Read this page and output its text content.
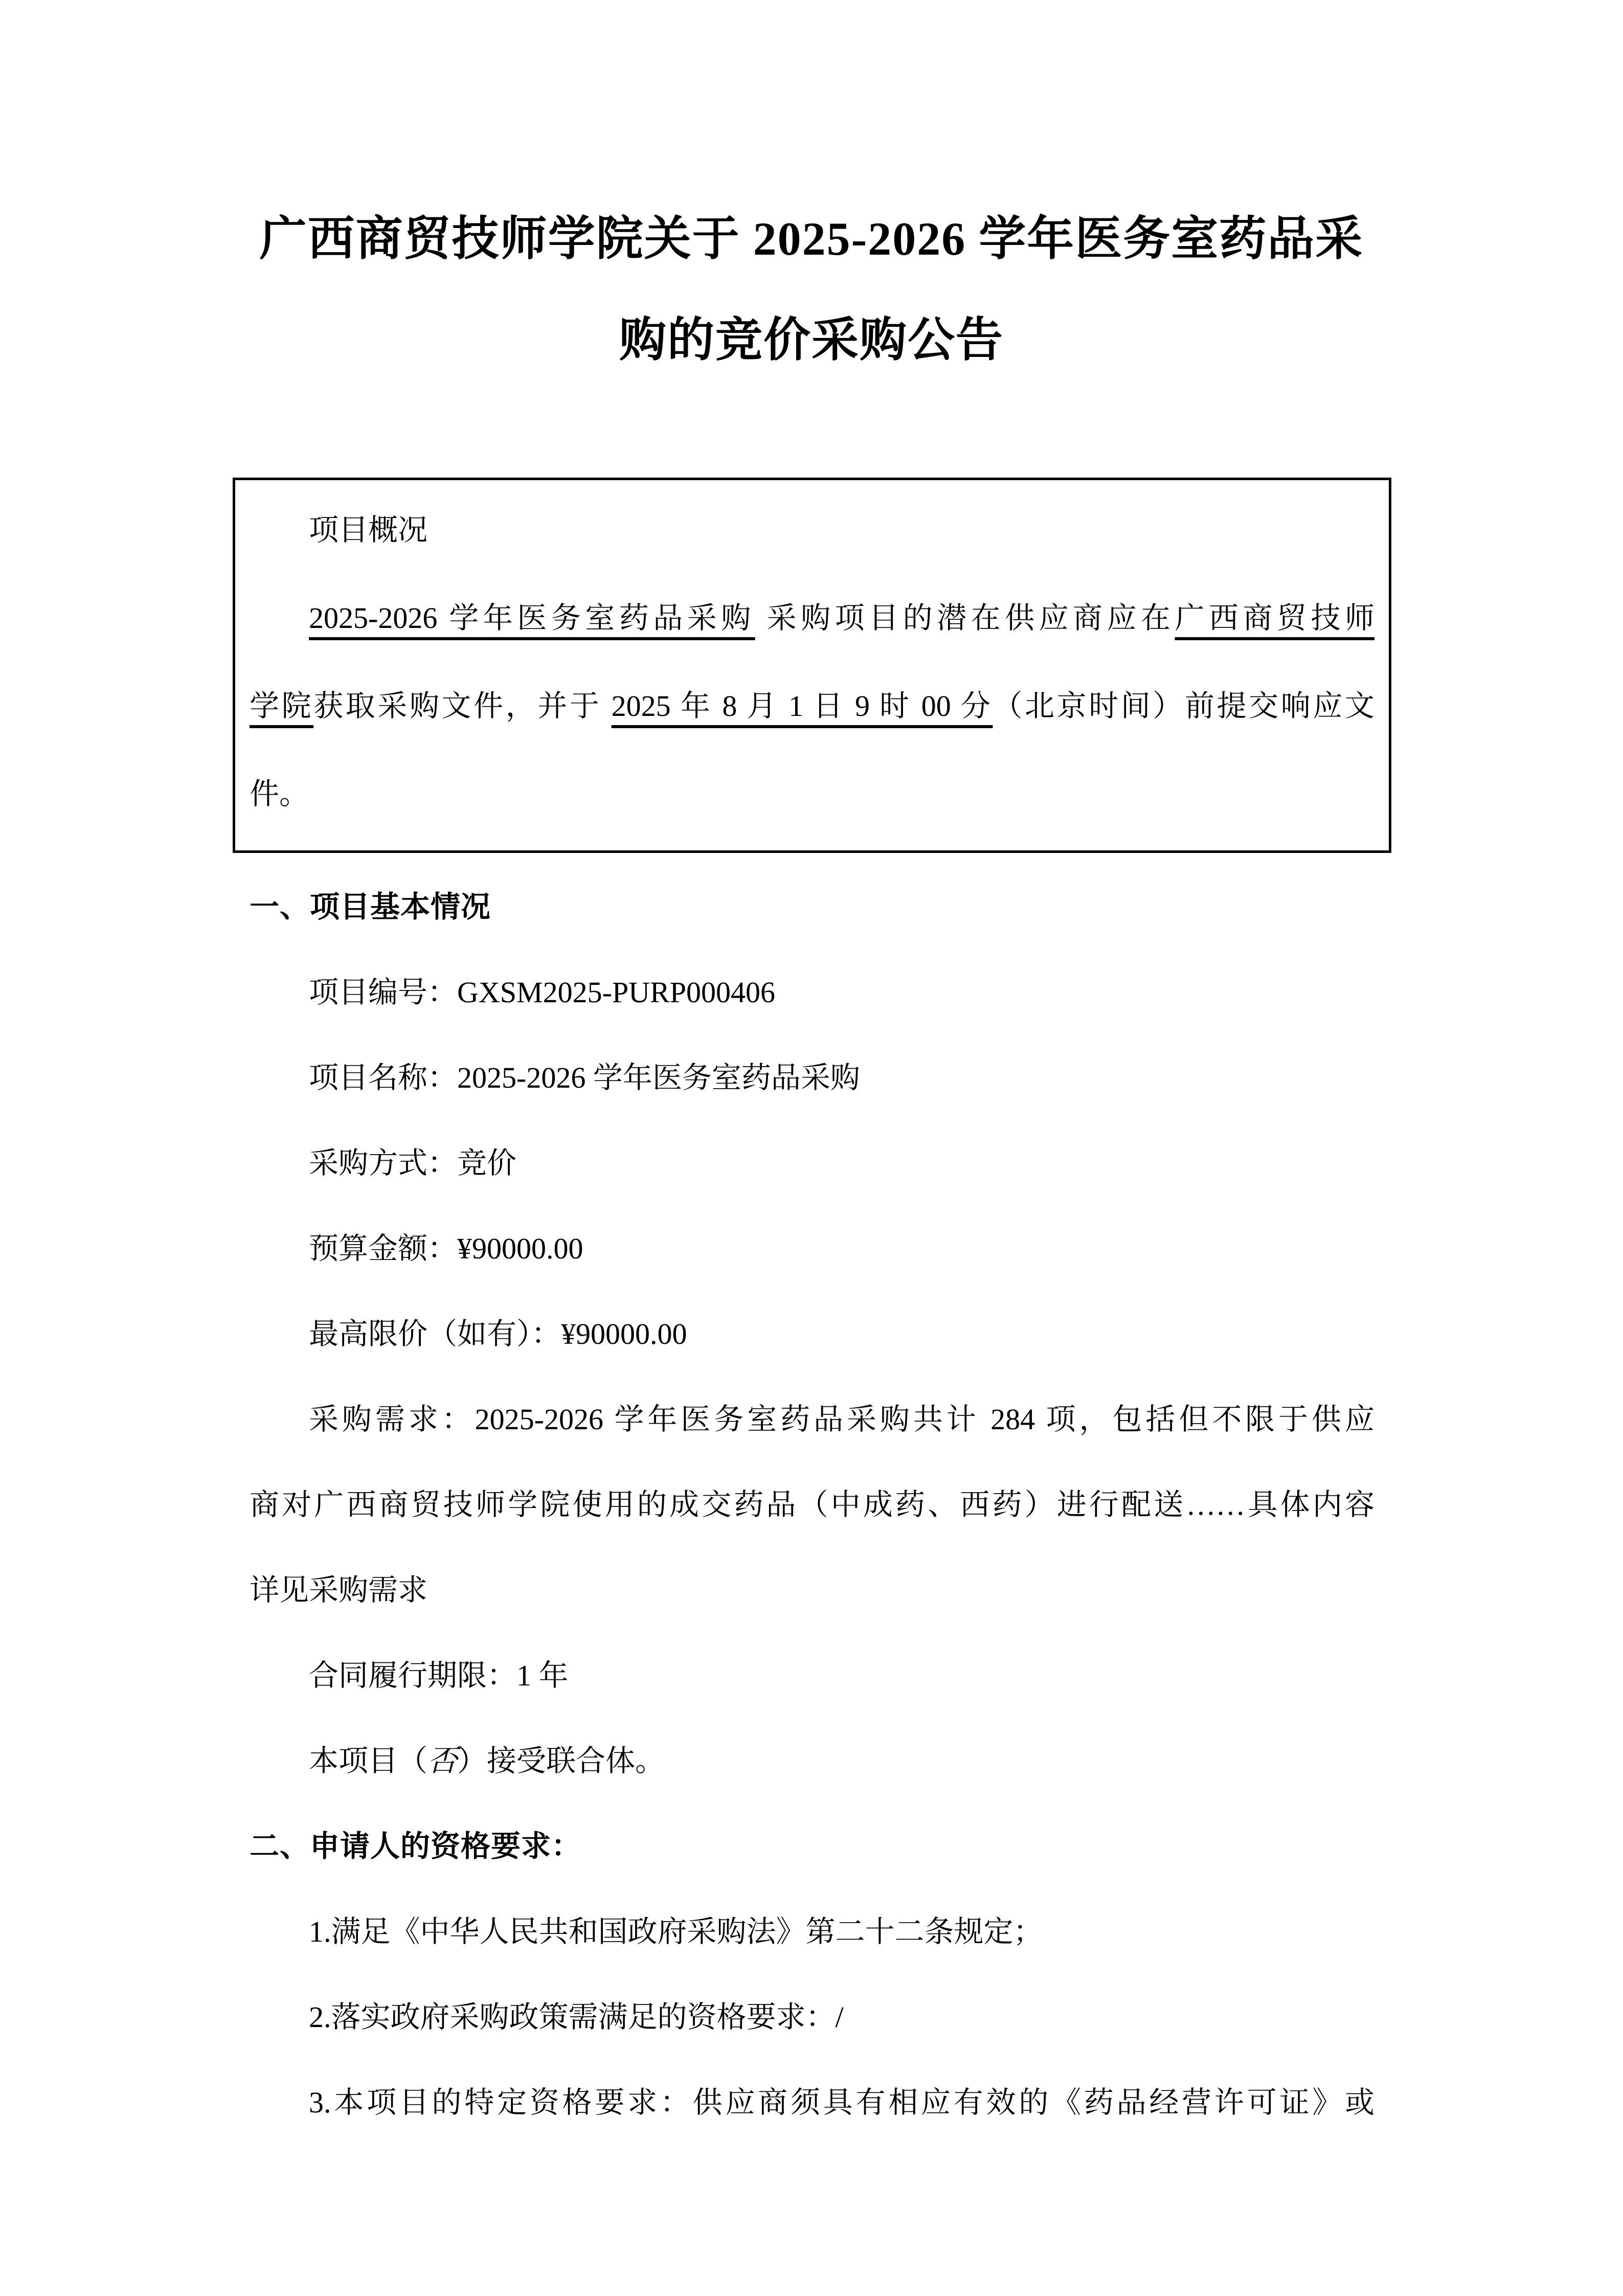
广西商贸技师学院关于 2025-2026 学年医务室药品采
购的竞价采购公告
项目概况
2025-2026 学年医务室药品采购 采购项目的潜在供应商应在广西商贸技师
学院获取采购文件，并于 2025 年 8 月 1 日 9 时 00 分（北京时间）前提交响应文
件。
一、项目基本情况
项目编号：GXSM2025-PURP000406
项目名称：2025-2026 学年医务室药品采购
采购方式：竞价
预算金额：¥90000.00
最高限价（如有）：¥90000.00
采购需求：2025-2026 学年医务室药品采购共计 284 项，包括但不限于供应
商对广西商贸技师学院使用的成交药品（中成药、西药）进行配送……具体内容
详见采购需求
合同履行期限：1 年
本项目（否）接受联合体。
二、申请人的资格要求：
1.满足《中华人民共和国政府采购法》第二十二条规定；
2.落实政府采购政策需满足的资格要求：/
3.本项目的特定资格要求：供应商须具有相应有效的《药品经营许可证》或
